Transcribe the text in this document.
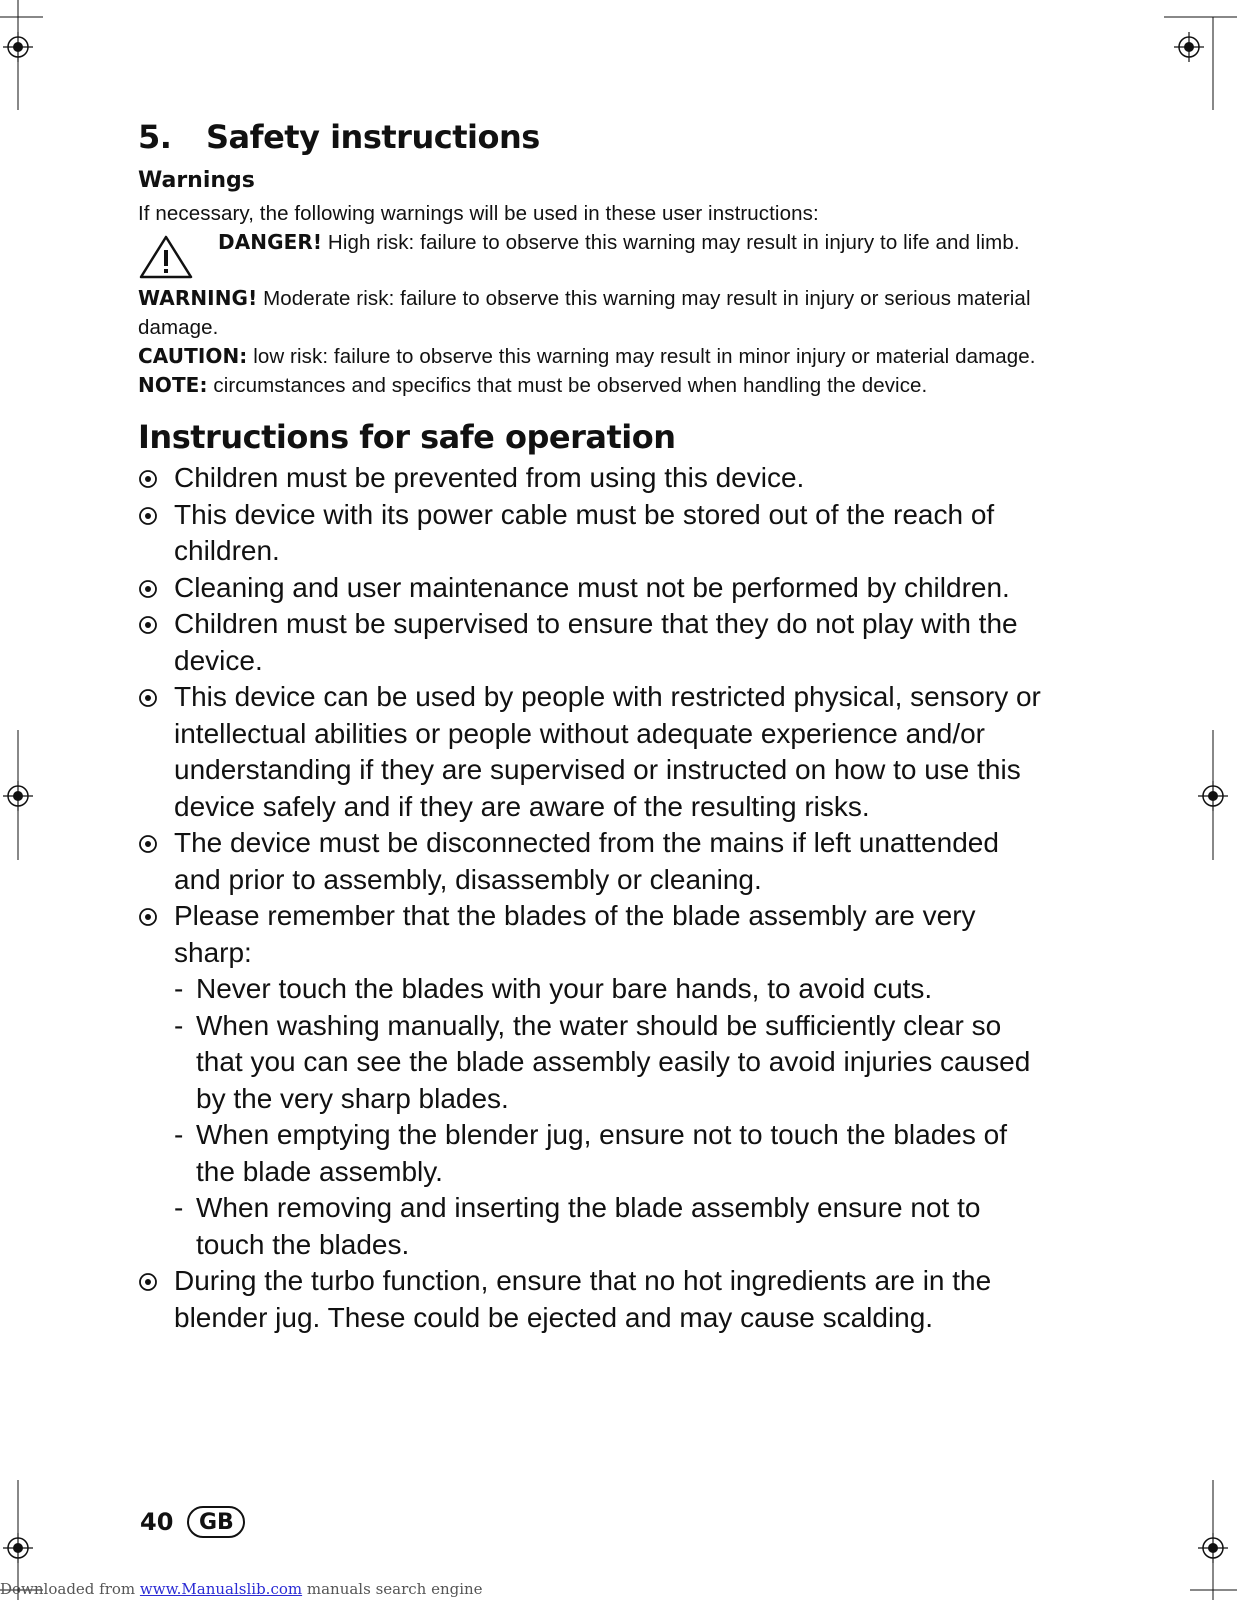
5. Safety instructions
Warnings

If necessary, the following warnings will be used in these user instructions:

DANGER! High risk: failure to observe this warning may result in injury to life and limb.

WARNING! Moderate risk: failure to observe this warning may result in injury or serious material damage.

CAUTION: low risk: failure to observe this warning may result in minor injury or material damage.

NOTE: circumstances and specifics that must be observed when handling the device.

Instructions for safe operation
Children must be prevented from using this device.
This device with its power cable must be stored out of the reach of children.
Cleaning and user maintenance must not be performed by children.
Children must be supervised to ensure that they do not play with the device.
This device can be used by people with restricted physical, sensory or intellectual abilities or people without adequate experience and/or understanding if they are supervised or instructed on how to use this device safely and if they are aware of the resulting risks.
The device must be disconnected from the mains if left unattended and prior to assembly, disassembly or cleaning.
Please remember that the blades of the blade assembly are very sharp:
- Never touch the blades with your bare hands, to avoid cuts.
- When washing manually, the water should be sufficiently clear so that you can see the blade assembly easily to avoid injuries caused by the very sharp blades.
- When emptying the blender jug, ensure not to touch the blades of the blade assembly.
- When removing and inserting the blade assembly ensure not to touch the blades.
During the turbo function, ensure that no hot ingredients are in the blender jug. These could be ejected and may cause scalding.
40	GB
Downloaded from www.Manualslib.com manuals search engine
